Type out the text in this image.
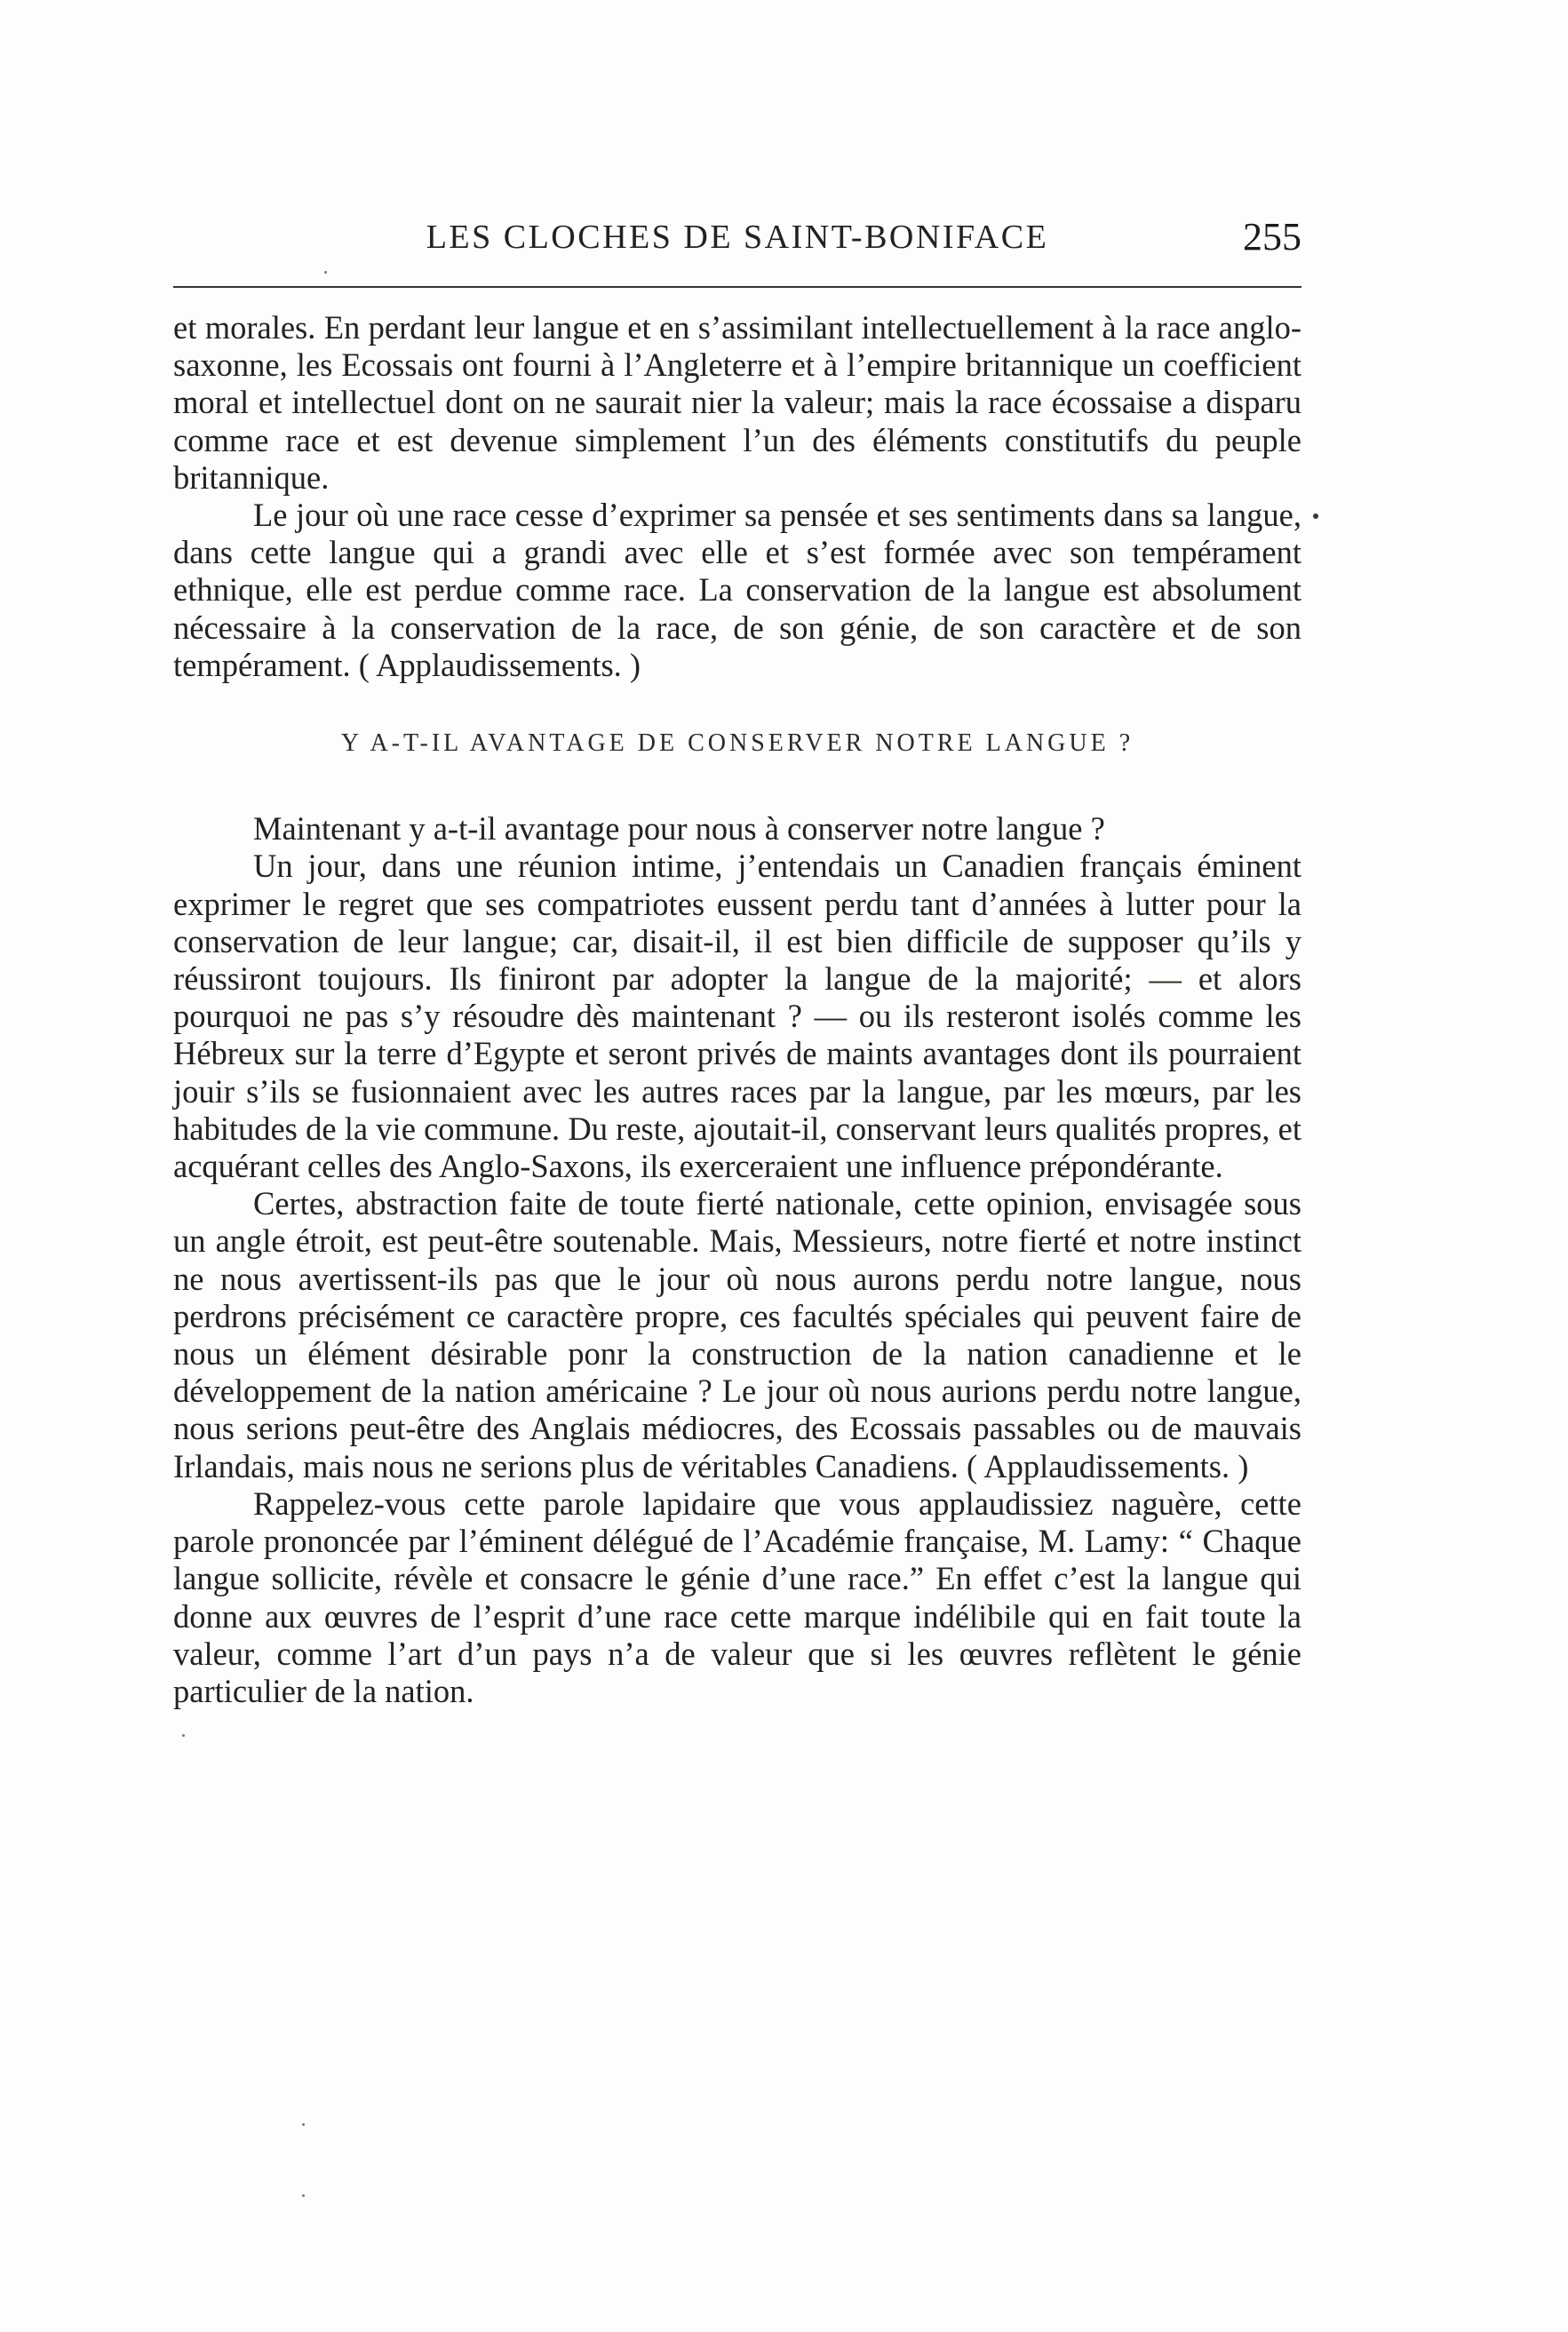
LES CLOCHES DE SAINT-BONIFACE	255

et morales. En perdant leur langue et en s’assimilant intellectuellement à la race anglo-saxonne, les Ecossais ont fourni à l’Angleterre et à l’empire britannique un coefficient moral et intellectuel dont on ne saurait nier la valeur; mais la race écossaise a disparu comme race et est devenue simplement l’un des éléments constitutifs du peuple britannique.

Le jour où une race cesse d’exprimer sa pensée et ses sentiments dans sa langue, dans cette langue qui a grandi avec elle et s’est formée avec son tempérament ethnique, elle est perdue comme race. La conservation de la langue est absolument nécessaire à la conservation de la race, de son génie, de son caractère et de son tempérament. ( Applaudissements. )

Y A-T-IL AVANTAGE DE CONSERVER NOTRE LANGUE ?

Maintenant y a-t-il avantage pour nous à conserver notre langue ?

Un jour, dans une réunion intime, j’entendais un Canadien français éminent exprimer le regret que ses compatriotes eussent perdu tant d’années à lutter pour la conservation de leur langue; car, disait-il, il est bien difficile de supposer qu’ils y réussiront toujours. Ils finiront par adopter la langue de la majorité; — et alors pourquoi ne pas s’y résoudre dès maintenant ? — ou ils resteront isolés comme les Hébreux sur la terre d’Egypte et seront privés de maints avantages dont ils pourraient jouir s’ils se fusionnaient avec les autres races par la langue, par les mœurs, par les habitudes de la vie commune. Du reste, ajoutait-il, conservant leurs qualités propres, et acquérant celles des Anglo-Saxons, ils exerceraient une influence prépondérante.

Certes, abstraction faite de toute fierté nationale, cette opinion, envisagée sous un angle étroit, est peut-être soutenable. Mais, Messieurs, notre fierté et notre instinct ne nous avertissent-ils pas que le jour où nous aurons perdu notre langue, nous perdrons précisément ce caractère propre, ces facultés spéciales qui peuvent faire de nous un élément désirable ponr la construction de la nation canadienne et le développement de la nation américaine ? Le jour où nous aurions perdu notre langue, nous serions peut-être des Anglais médiocres, des Ecossais passables ou de mauvais Irlandais, mais nous ne serions plus de véritables Canadiens. ( Applaudissements. )

Rappelez-vous cette parole lapidaire que vous applaudissiez naguère, cette parole prononcée par l’éminent délégué de l’Académie française, M. Lamy: “ Chaque langue sollicite, révèle et consacre le génie d’une race.” En effet c’est la langue qui donne aux œuvres de l’esprit d’une race cette marque indélibile qui en fait toute la valeur, comme l’art d’un pays n’a de valeur que si les œuvres reflètent le génie particulier de la nation.
